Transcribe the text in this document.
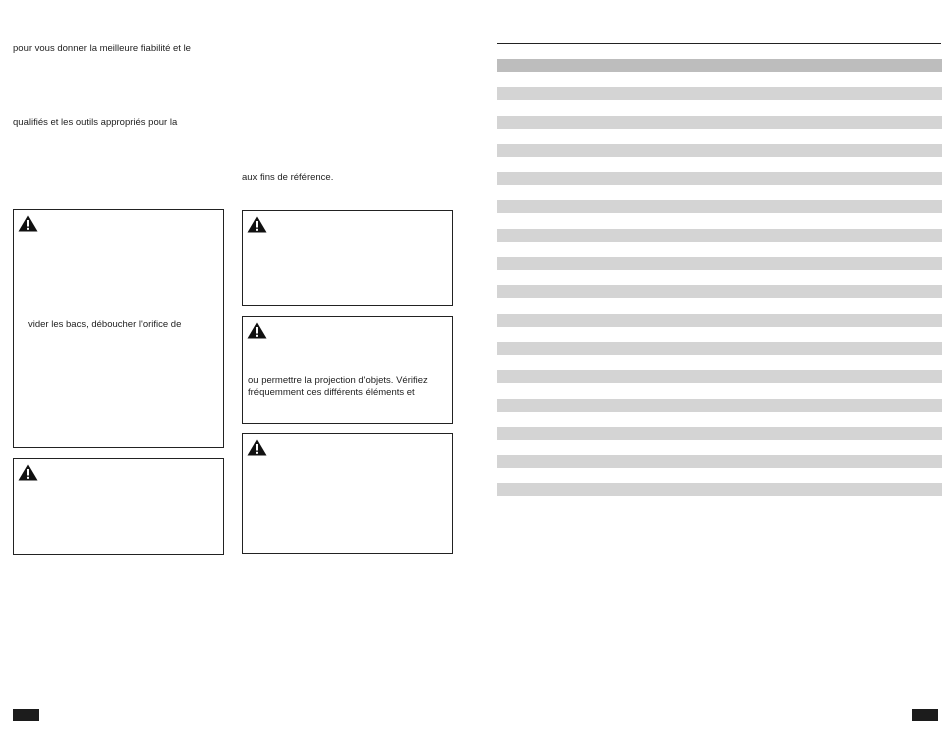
pour vous donner la meilleure fiabilité et le
qualifiés et les outils appropriés pour la
aux fins de référence.
vider les bacs, déboucher l'orifice de
ou permettre la projection d'objets. Vérifiez
fréquemment ces différents éléments et
